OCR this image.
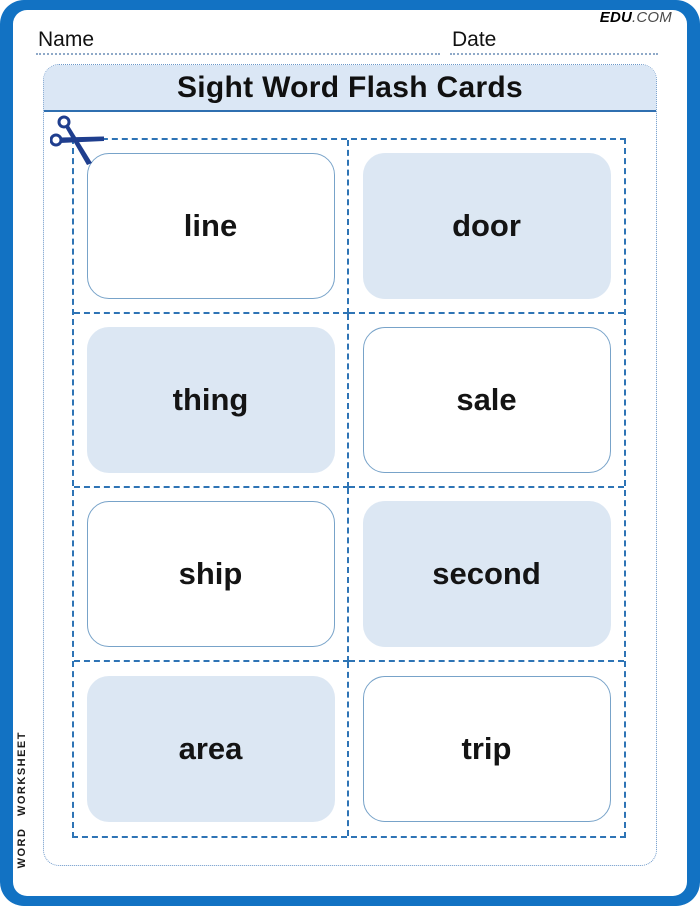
EDU.COM
Name	Date
Sight Word Flash Cards
line	door
thing	sale
ship	second
area	trip
WORD WORKSHEET
